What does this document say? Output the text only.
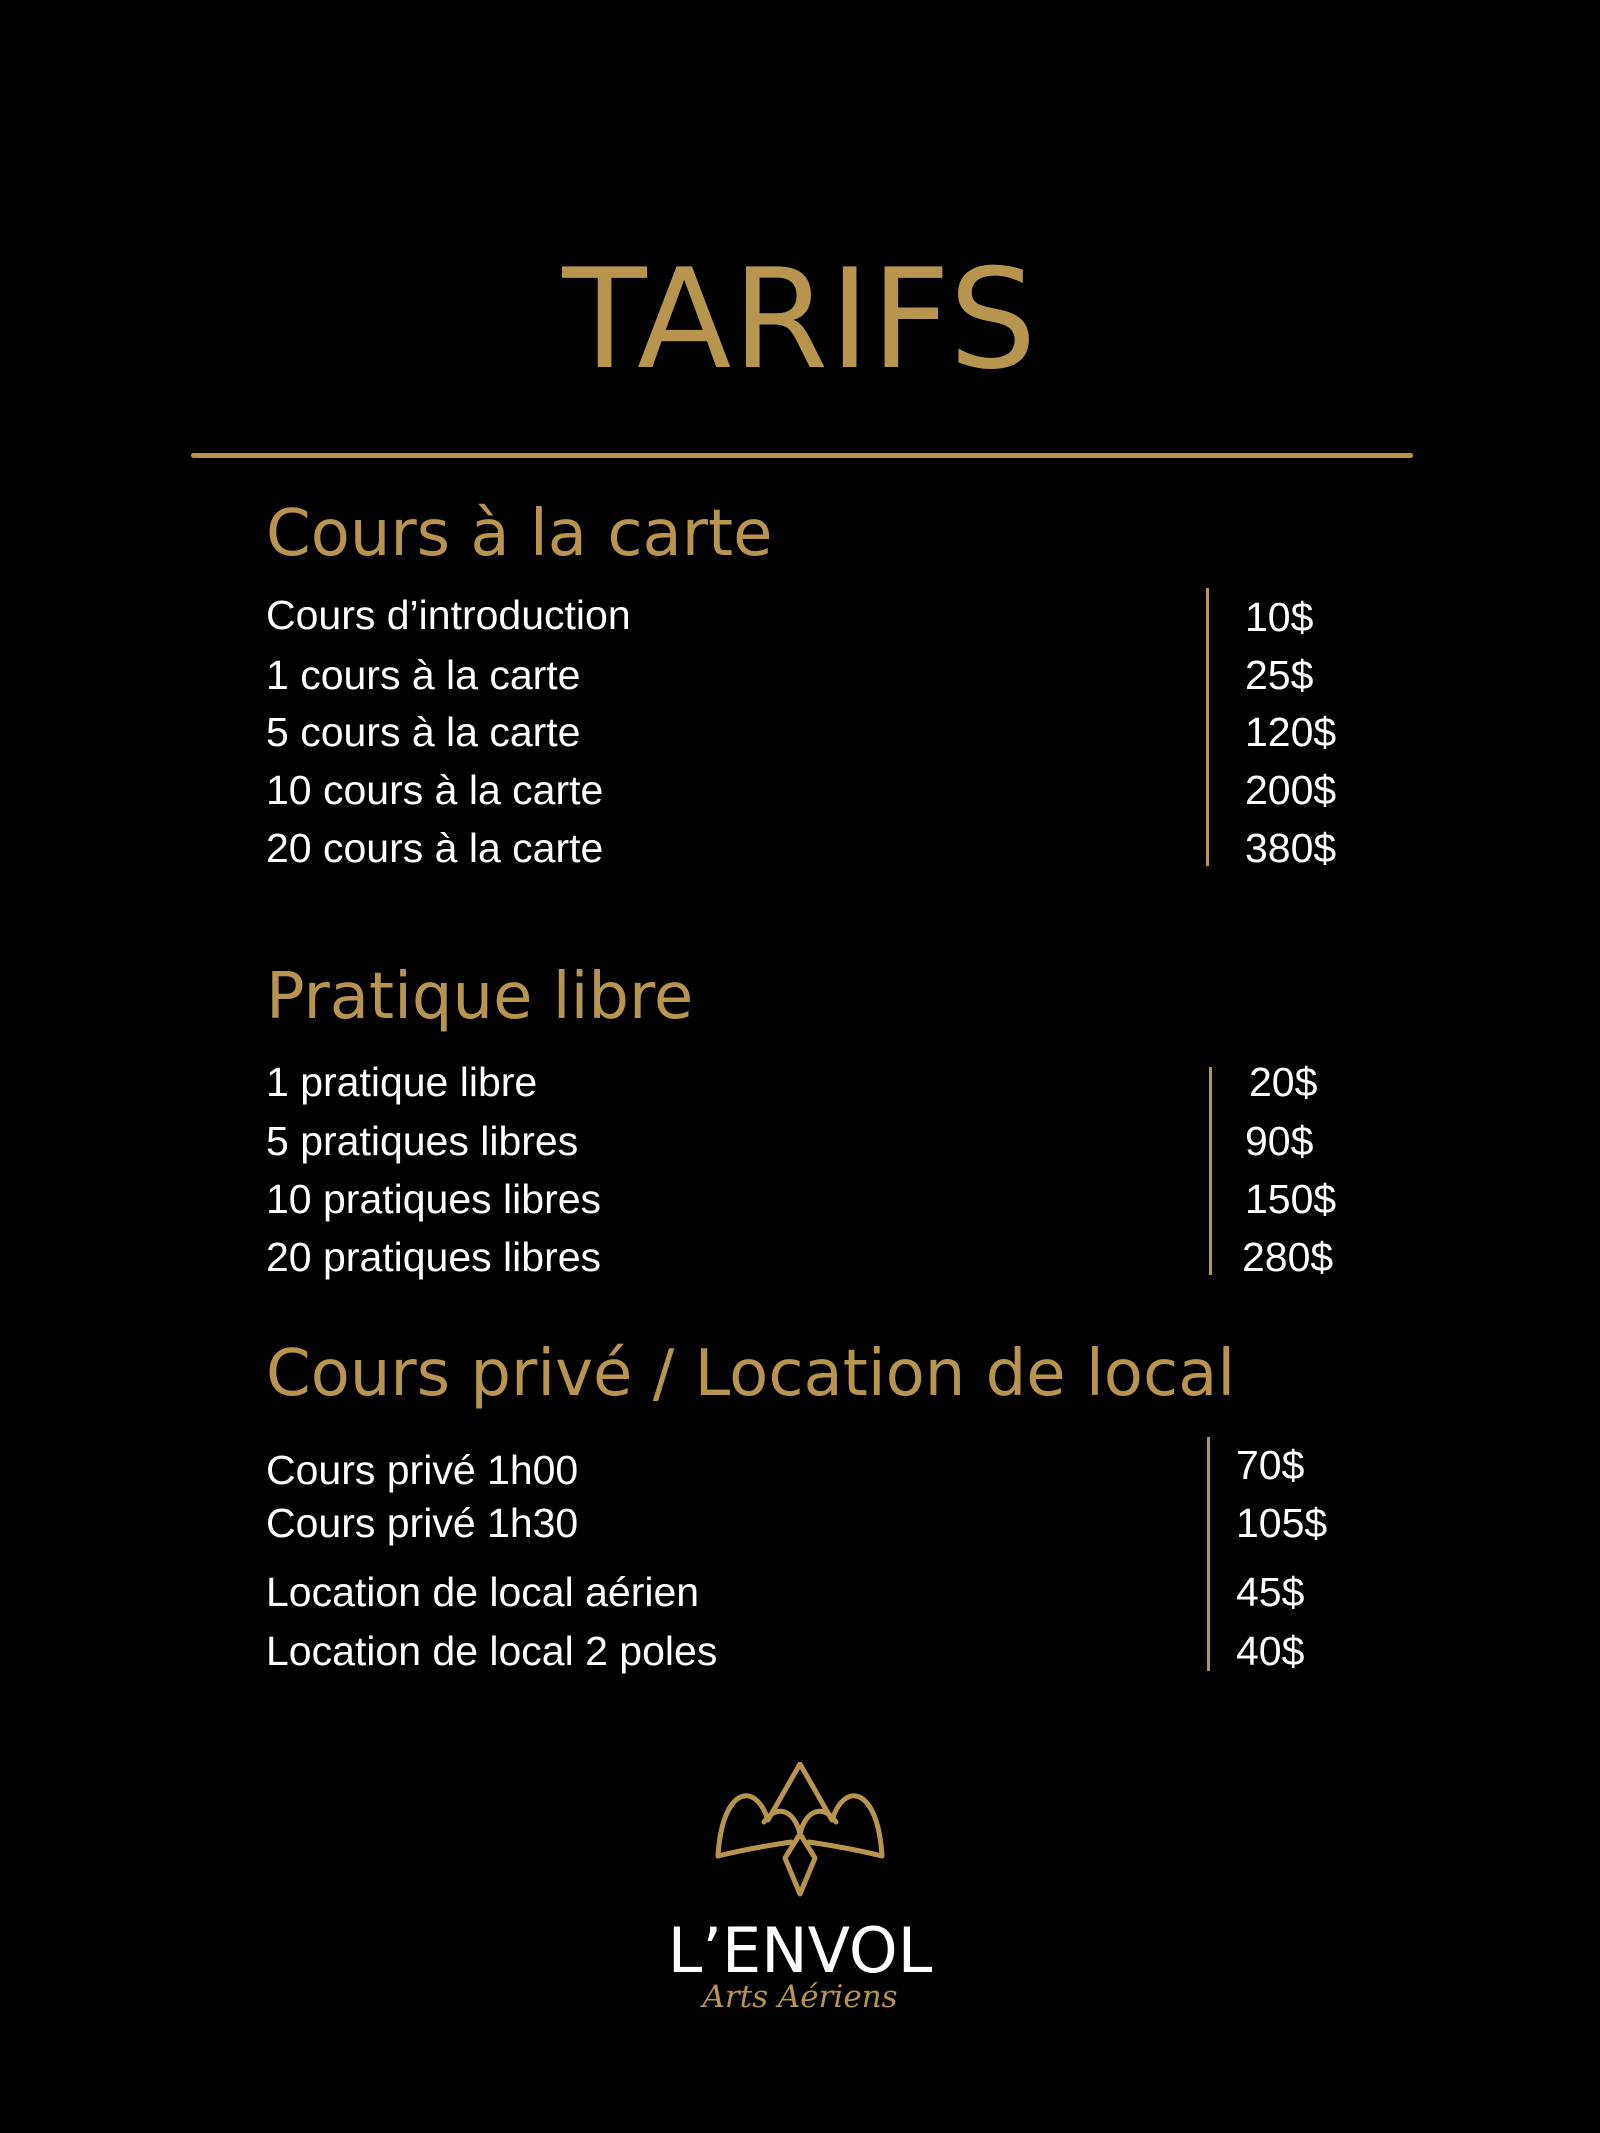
TARIFS
Cours à la carte
Cours d’introduction	10$
1 cours à la carte	25$
5 cours à la carte	120$
10 cours à la carte	200$
20 cours à la carte	380$
Pratique libre
1 pratique libre	20$
5 pratiques libres	90$
10 pratiques libres	150$
20 pratiques libres	280$
Cours privé / Location de local
Cours privé 1h00	70$
Cours privé 1h30	105$
Location de local aérien	45$
Location de local 2 poles	40$
L’ENVOL
Arts Aériens
